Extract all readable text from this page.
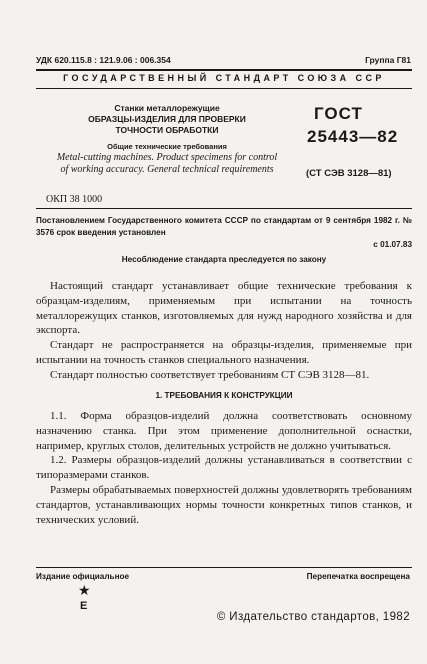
УДК 620.115.8 : 121.9.06 : 006.354	Группа Г81
ГОСУДАРСТВЕННЫЙ СТАНДАРТ СОЮЗА ССР
Станки металлорежущие
ОБРАЗЦЫ-ИЗДЕЛИЯ ДЛЯ ПРОВЕРКИ
ТОЧНОСТИ ОБРАБОТКИ
Общие технические требования
Metal-cutting machines. Product specimens for control
of working accuracy. General technical requirements
ГОСТ
25443—82
(СТ СЭВ 3128—81)
ОКП 38 1000
Постановлением Государственного комитета СССР по стандартам от 9 сентября 1982 г. № 3576 срок введения установлен
с 01.07.83
Несоблюдение стандарта преследуется по закону

Настоящий стандарт устанавливает общие технические требования к образцам-изделиям, применяемым при испытании на точность металлорежущих станков, изготовляемых для нужд народного хозяйства и для экспорта.

Стандарт не распространяется на образцы-изделия, применяемые при испытании на точность станков специального назначения.

Стандарт полностью соответствует требованиям СТ СЭВ 3128—81.

1. ТРЕБОВАНИЯ К КОНСТРУКЦИИ

1.1. Форма образцов-изделий должна соответствовать основному назначению станка. При этом применение дополнительной оснастки, например, круглых столов, делительных устройств не должно учитываться.

1.2. Размеры образцов-изделий должны устанавливаться в соответствии с типоразмерами станков.

Размеры обрабатываемых поверхностей должны удовлетворять требованиям стандартов, устанавливающих нормы точности конкретных типов станков, и технических условий.

Издание официальное	Перепечатка воспрещена
★
Е
© Издательство стандартов, 1982
